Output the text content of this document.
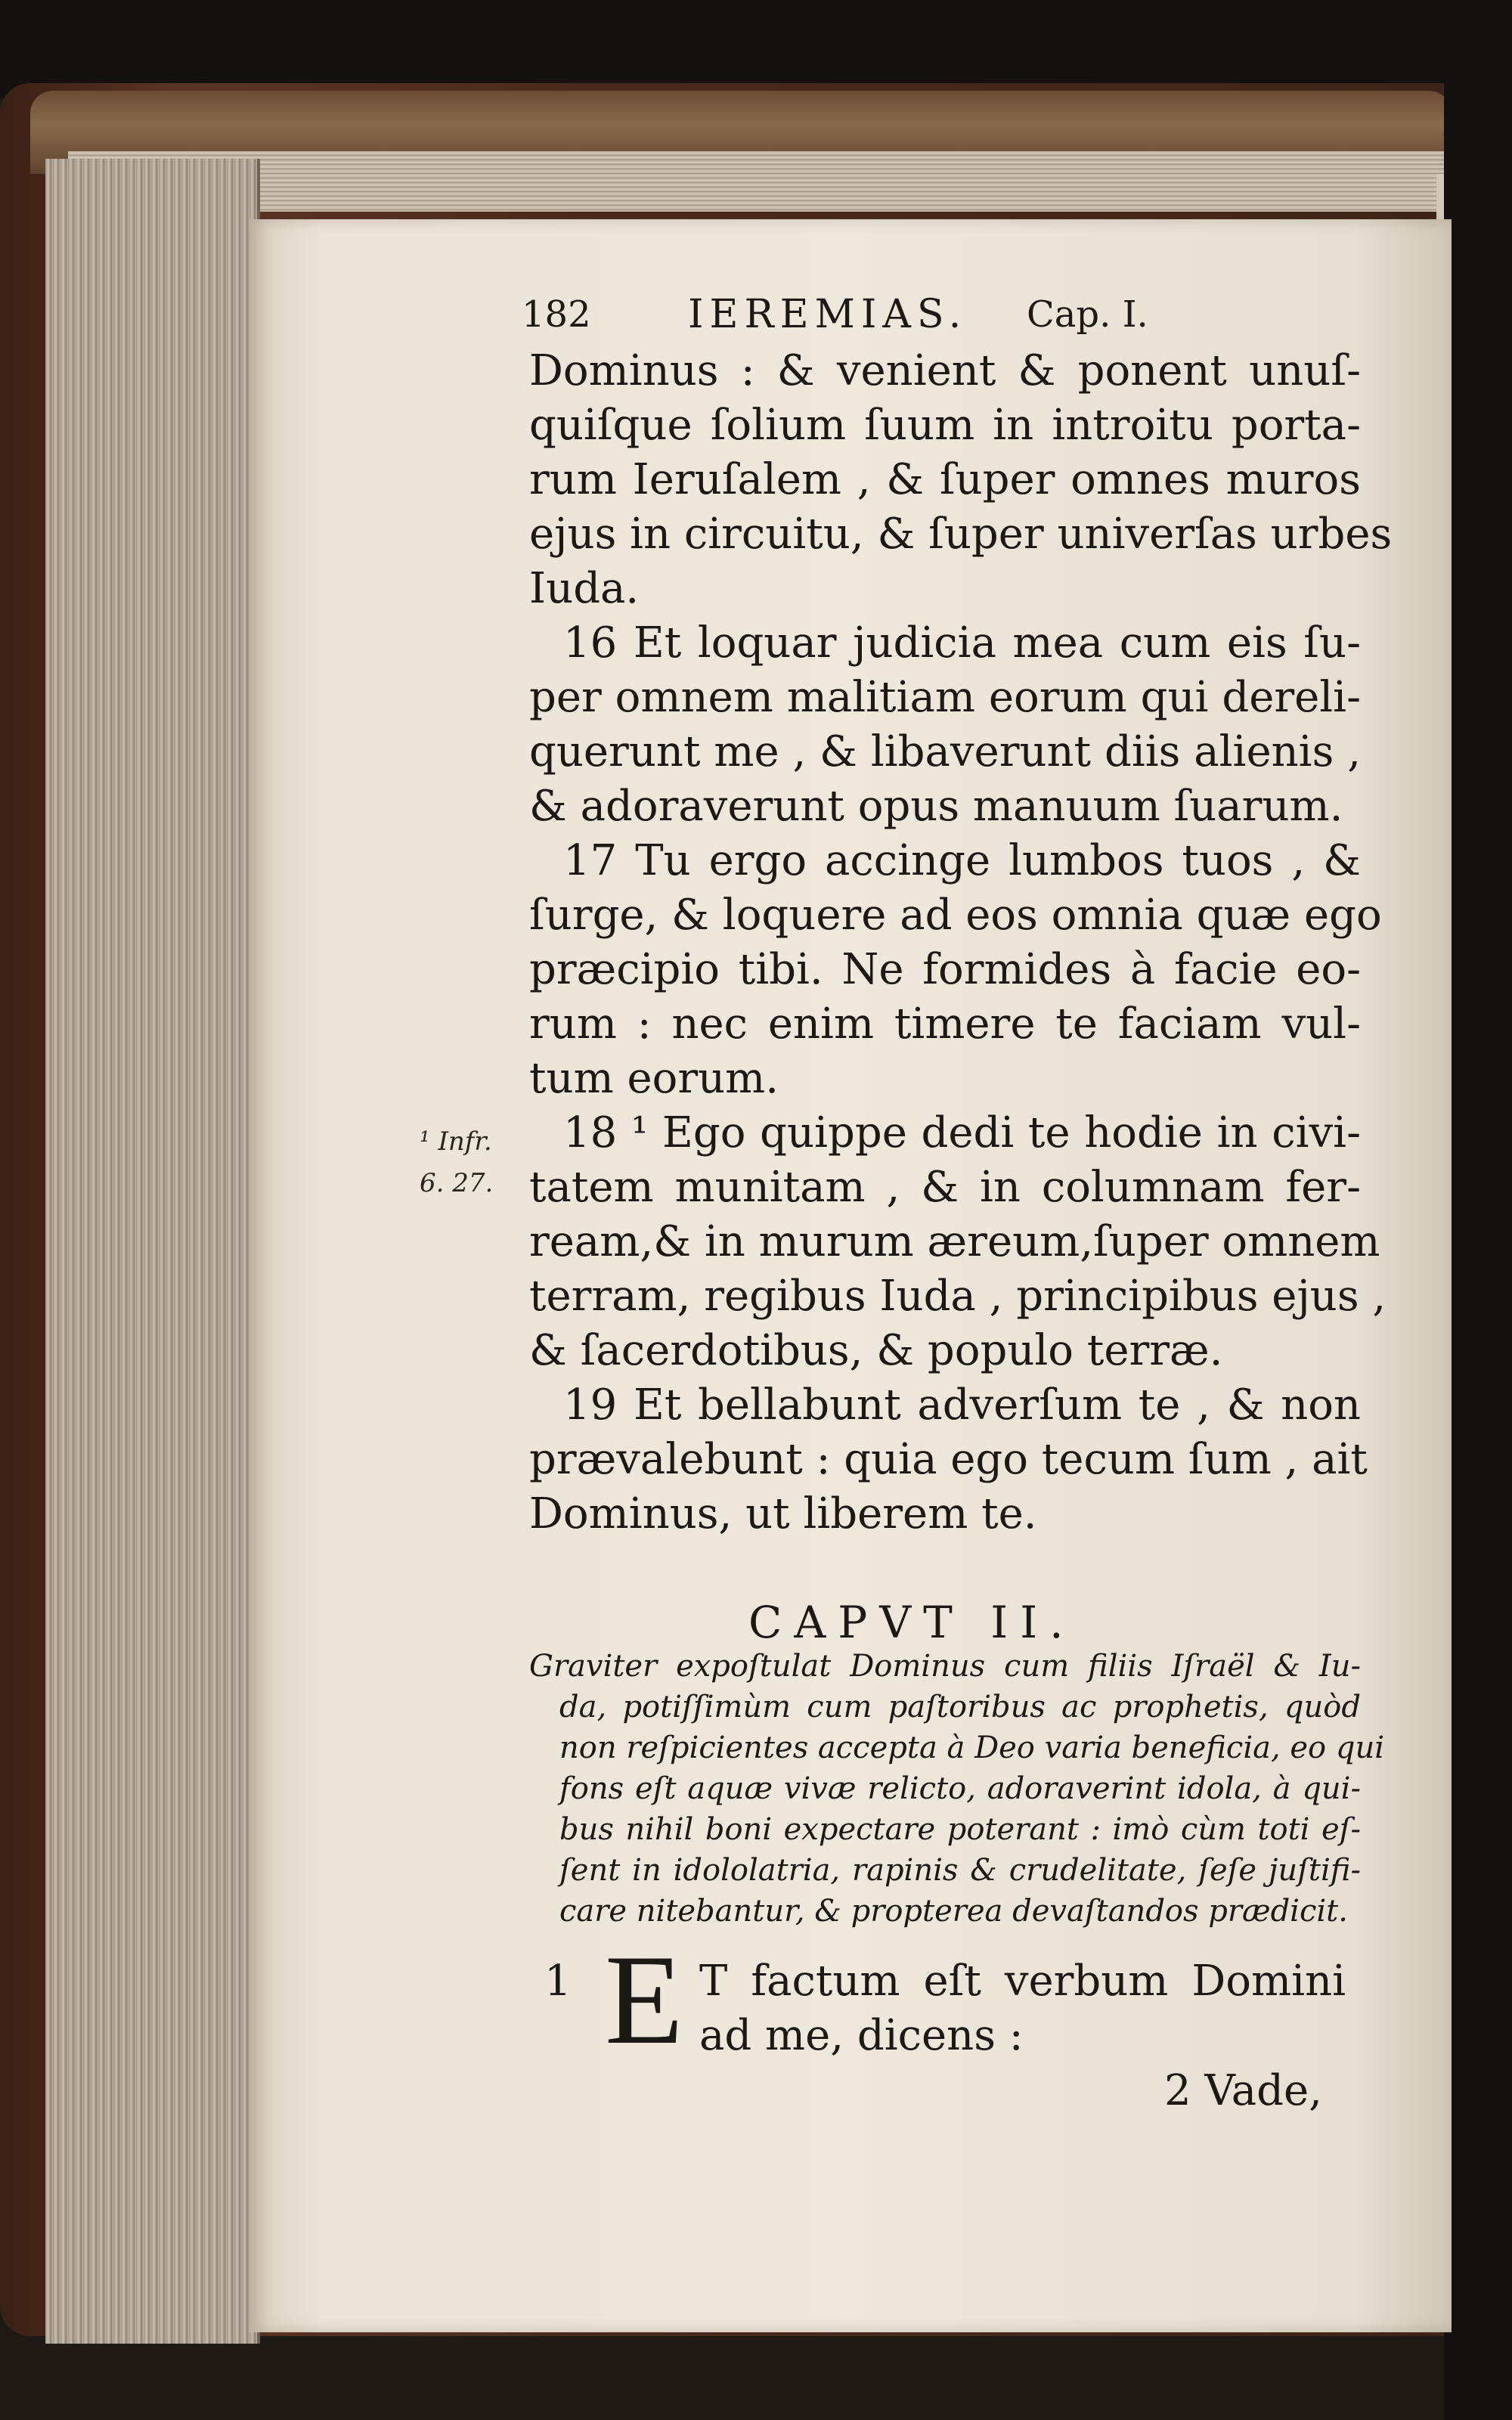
182 IEREMIAS. Cap. I.
Dominus : & venient & ponent unuſ-
quiſque ſolium ſuum in introitu porta-
rum Ieruſalem , & ſuper omnes muros
ejus in circuitu, & ſuper univerſas urbes
Iuda.
16 Et loquar judicia mea cum eis ſu-
per omnem malitiam eorum qui dereli-
querunt me , & libaverunt diis alienis ,
& adoraverunt opus manuum ſuarum.
17 Tu ergo accinge lumbos tuos , &
ſurge, & loquere ad eos omnia quæ ego
præcipio tibi. Ne formides à facie eo-
rum : nec enim timere te faciam vul-
tum eorum.
18 ¹ Ego quippe dedi te hodie in civi-
tatem munitam , & in columnam fer-
ream,& in murum æreum,ſuper omnem
terram, regibus Iuda , principibus ejus ,
& ſacerdotibus, & populo terræ.
19 Et bellabunt adverſum te , & non
prævalebunt : quia ego tecum ſum , ait
Dominus, ut liberem te.
¹ Infr.
6. 27.
CAPVT II.
Graviter expoſtulat Dominus cum filiis Iſraël & Iu-
da, potiſſimùm cum paſtoribus ac prophetis, quòd
non reſpicientes accepta à Deo varia beneficia, eo qui
fons eſt aquæ vivæ relicto, adoraverint idola, à qui-
bus nihil boni expectare poterant : imò cùm toti eſ-
ſent in idololatria, rapinis & crudelitate, ſeſe juſtifi-
care nitebantur, & propterea devaſtandos prædicit.
1 E T factum eſt verbum Domini
ad me, dicens :
2 Vade,
